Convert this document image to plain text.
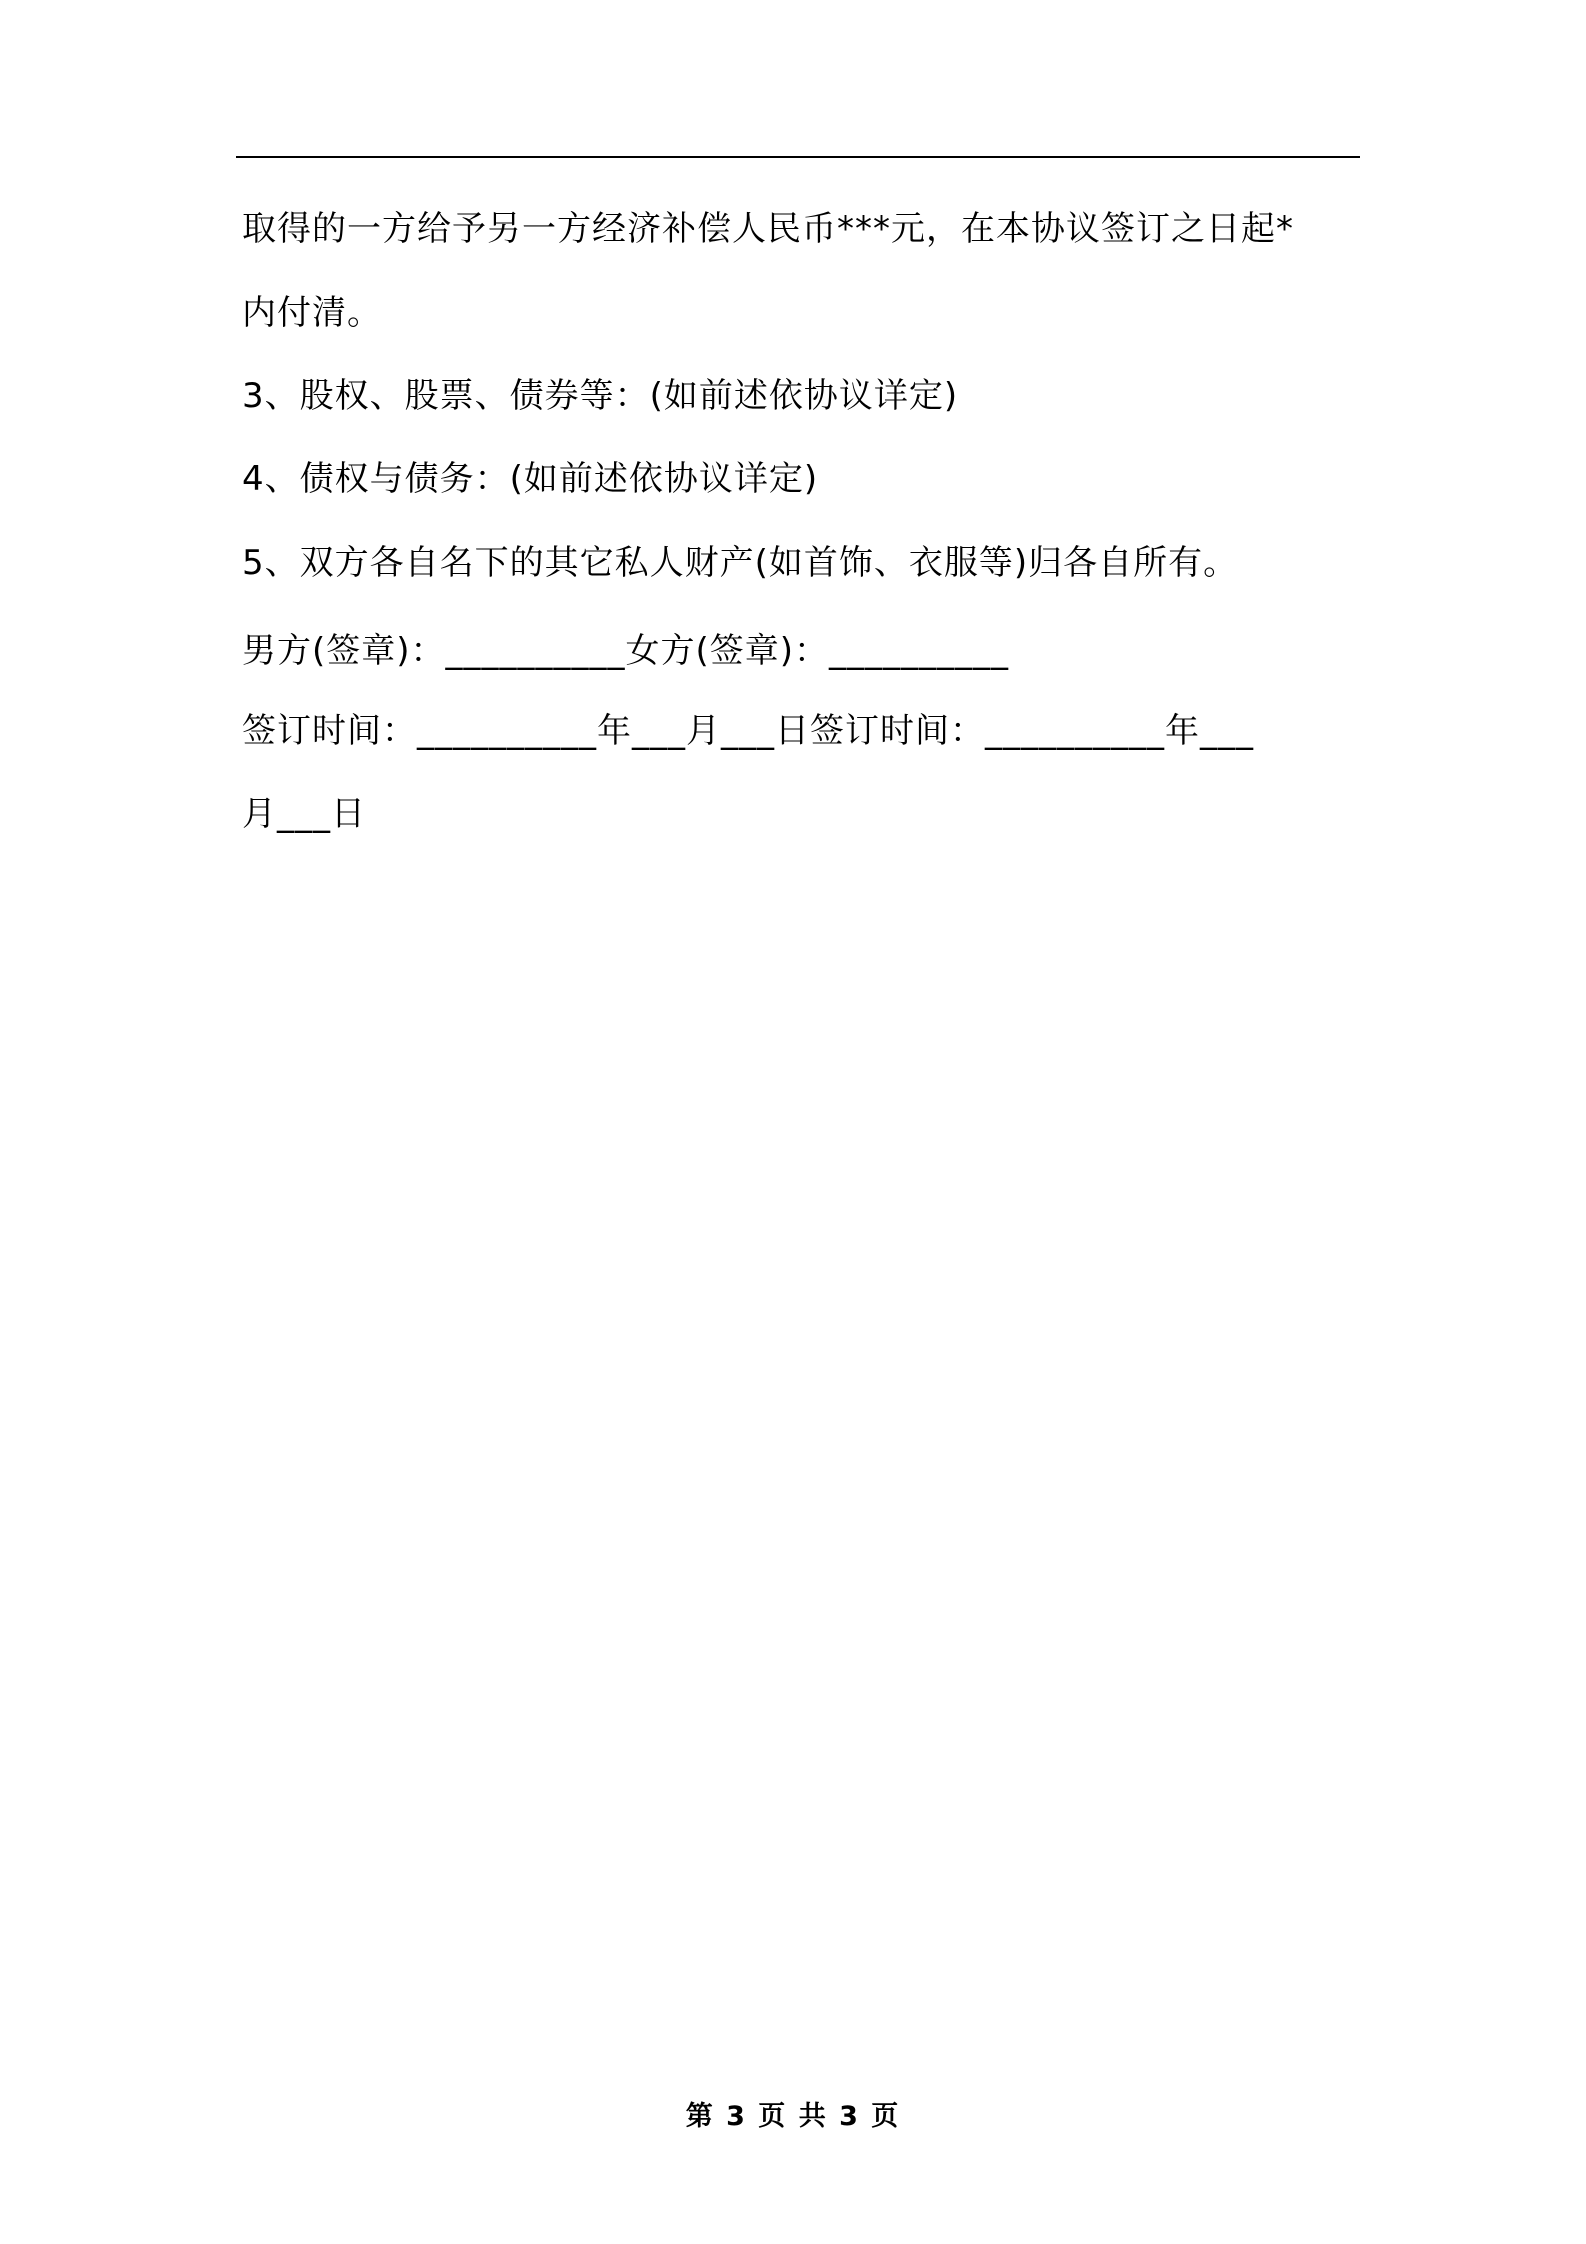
取得的一方给予另一方经济补偿人民币***元，在本协议签订之日起*
内付清。
3、股权、股票、债券等：(如前述依协议详定)
4、债权与债务：(如前述依协议详定)
5、双方各自名下的其它私人财产(如首饰、衣服等)归各自所有。
男方(签章)：__________女方(签章)：__________
签订时间：__________年___月___日签订时间：__________年___
月___日
第 3 页 共 3 页
